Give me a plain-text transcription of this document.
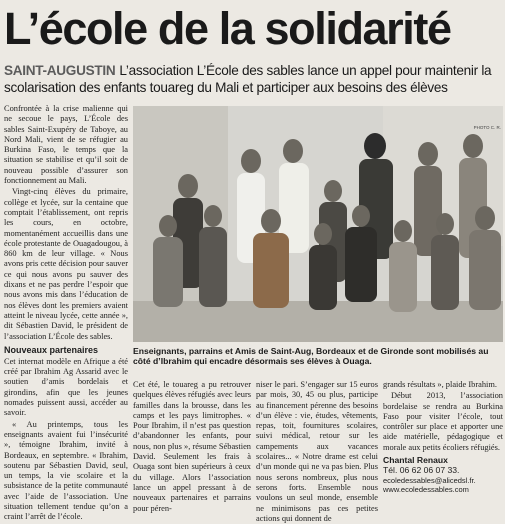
L’école de la solidarité
SAINT-AUGUSTIN L’association L’École des sables lance un appel pour maintenir la scolarisation des enfants touareg du Mali et participer aux besoins des élèves

Confrontée à la crise malienne qui ne secoue le pays, L’École des sables Saint-Exupéry de Taboye, au Nord Mali, vient de se réfugier au Burkina Faso, le temps que la situation se stabilise et qu’il soit de nouveau possible d’assurer son fonctionnement au Mali.

Vingt-cinq élèves du primaire, collège et lycée, sur la centaine que comptait l’établissement, ont repris les cours, en octobre, momentanément accueillis dans une école protestante de Ouagadougou, à 860 km de leur village. « Nous avons pris cette décision pour sauver ce qui nous avons pu sauver des dixans et ne pas perdre l’espoir que nous avons mis dans l’éducation de nos élèves dont les premiers avaient atteint le niveau lycée, cette année », dit Sébastien David, le président de l’association L’École des sables.

Nouveaux partenaires

Cet internat modèle en Afrique a été créé par Ibrahim Ag Assarid avec le soutien d’amis bordelais et girondins, afin que les jeunes nomades puissent aussi, accéder au savoir.

« Au printemps, tous les enseignants avaient fui l’insécurité », témoigne Ibrahim, invité à Bordeaux, en septembre. « Ibrahim, soutenu par Sébastien David, seul, un temps, la vie scolaire et la subsistance de la petite communauté avec l’aide de l’association. Une situation tellement tendue qu’on a craint l’arrêt de l’école.

PHOTO C. R.
Enseignants, parrains et Amis de Saint-Aug, Bordeaux et de Gironde sont mobilisés au côté d’Ibrahim qui encadre désormais ses élèves à Ouaga.

Cet été, le touareg a pu retrouver quelques élèves réfugiés avec leurs familles dans la brousse, dans les camps et les pays limitrophes. « Pour Ibrahim, il n’est pas question d’abandonner les enfants, pour nous, non plus », résume Sébastien David. Seulement les frais à Ouaga sont bien supérieurs à ceux du village. Alors l’association lance un appel pressant à de nouveaux partenaires et parrains pour péren-

niser le pari. S’engager sur 15 euros par mois, 30, 45 ou plus, participe au financement pérenne des besoins d’un élève : vie, études, vêtements, repas, toit, fournitures scolaires, suivi médical, retour sur les campements aux vacances scolaires... « Notre drame est celui d’un monde qui ne va pas bien. Plus nous serons nombreux, plus nous serons forts. Ensemble nous voulons un seul monde, ensemble ne minimisons pas ces petites actions qui donnent de

grands résultats », plaide Ibrahim.

Début 2013, l’association bordelaise se rendra au Burkina Faso pour visiter l’école, tout contrôler sur place et apporter une aide matérielle, pédagogique et morale aux petits écoliers réfugiés.

Chantal Renaux
Tél. 06 62 06 07 33.
ecoledessables@alicedsl.fr.
www.ecoledessables.com
